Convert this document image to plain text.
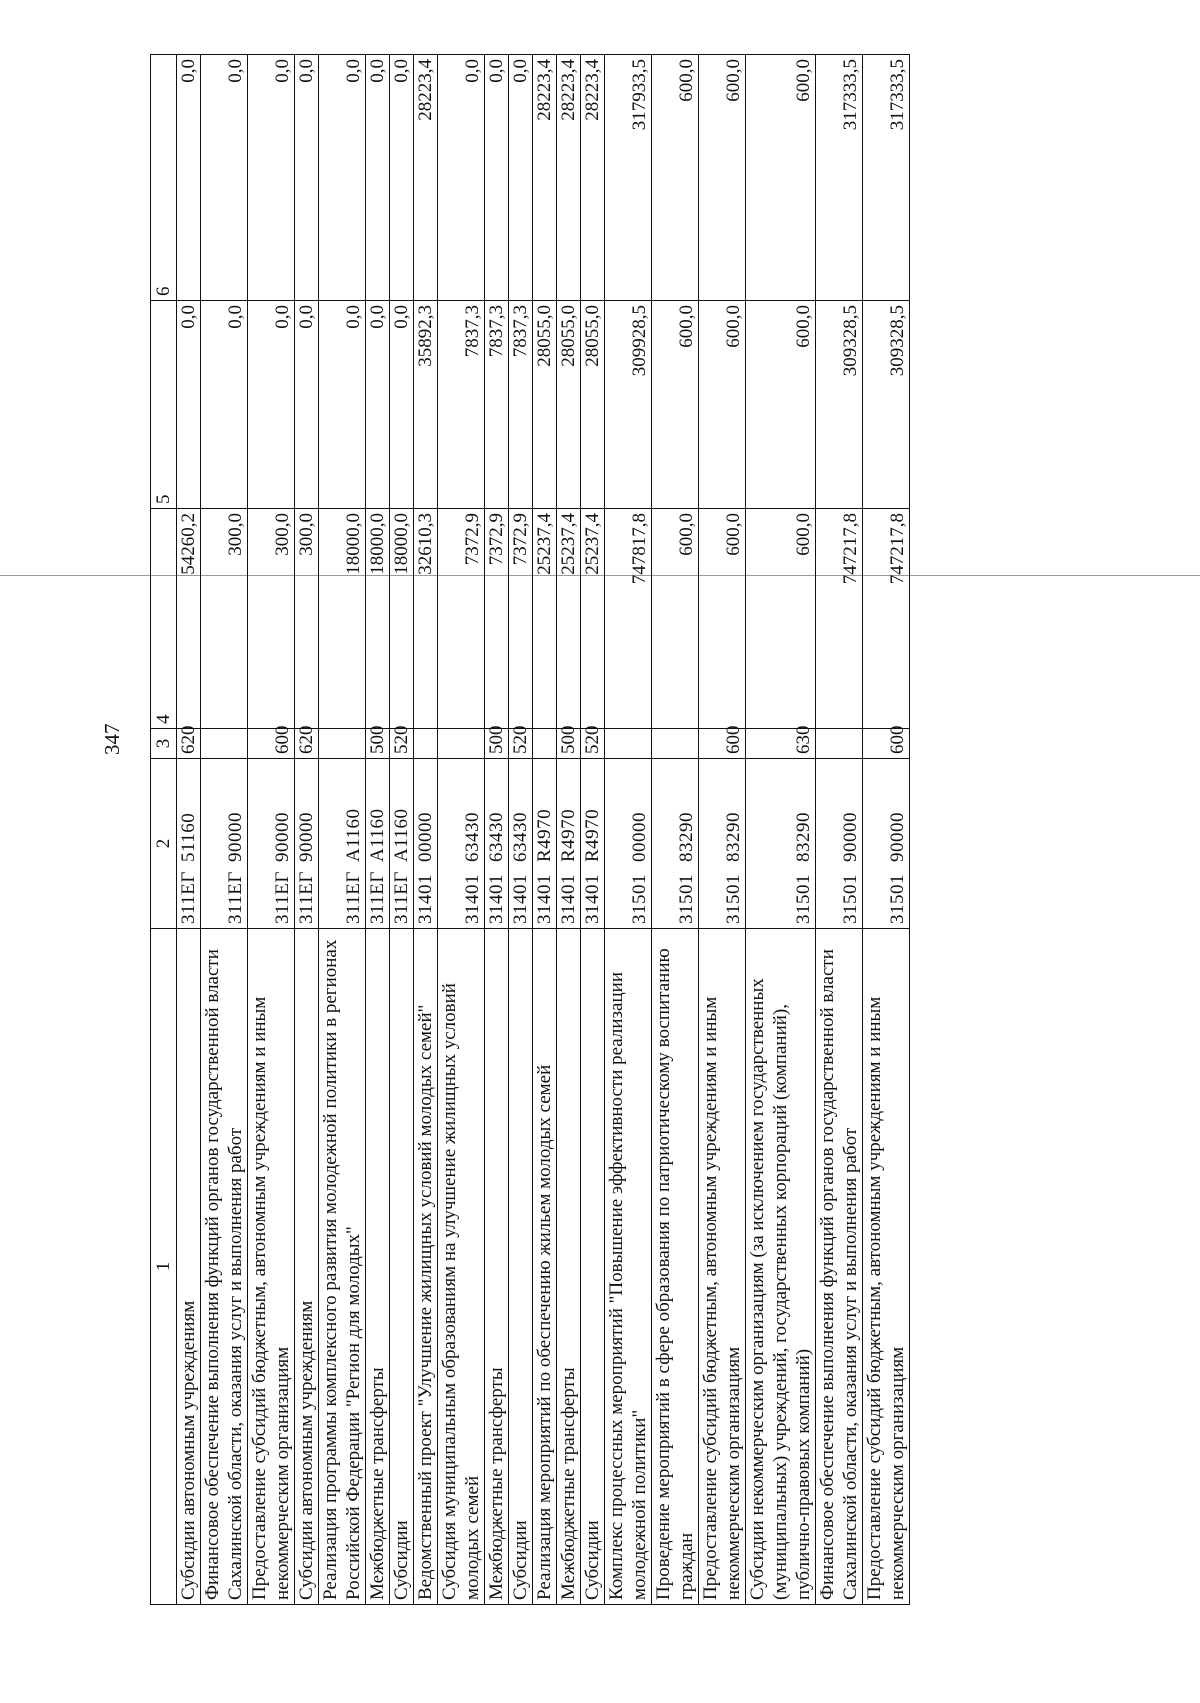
347
1	2	3	4	5	6
Субсидии автономным учреждениям	311ЕГ51160	620	54260,2	0,0	0,0
Финансовое обеспечение выполнения функций органов государственной власти Сахалинской области, оказания услуг и выполнения работ	311ЕГ90000		300,0	0,0	0,0
Предоставление субсидий бюджетным, автономным учреждениям и иным некоммерческим организациям	311ЕГ90000	600	300,0	0,0	0,0
Субсидии автономным учреждениям	311ЕГ90000	620	300,0	0,0	0,0
Реализация программы комплексного развития молодежной политики в регионах Российской Федерации "Регион для молодых"	311ЕГА1160		18000,0	0,0	0,0
Межбюджетные трансферты	311ЕГА1160	500	18000,0	0,0	0,0
Субсидии	311ЕГА1160	520	18000,0	0,0	0,0
Ведомственный проект "Улучшение жилищных условий молодых семей"	3140100000		32610,3	35892,3	28223,4
Субсидия муниципальным образованиям на улучшение жилищных условий молодых семей	3140163430		7372,9	7837,3	0,0
Межбюджетные трансферты	3140163430	500	7372,9	7837,3	0,0
Субсидии	3140163430	520	7372,9	7837,3	0,0
Реализация мероприятий по обеспечению жильем молодых семей	31401R4970		25237,4	28055,0	28223,4
Межбюджетные трансферты	31401R4970	500	25237,4	28055,0	28223,4
Субсидии	31401R4970	520	25237,4	28055,0	28223,4
Комплекс процессных мероприятий "Повышение эффективности реализации молодежной политики"	3150100000		747817,8	309928,5	317933,5
Проведение мероприятий в сфере образования по патриотическому воспитанию граждан	3150183290		600,0	600,0	600,0
Предоставление субсидий бюджетным, автономным учреждениям и иным некоммерческим организациям	3150183290	600	600,0	600,0	600,0
Субсидии некоммерческим организациям (за исключением государственных (муниципальных) учреждений, государственных корпораций (компаний), публично-правовых компаний)	3150183290	630	600,0	600,0	600,0
Финансовое обеспечение выполнения функций органов государственной власти Сахалинской области, оказания услуг и выполнения работ	3150190000		747217,8	309328,5	317333,5
Предоставление субсидий бюджетным, автономным учреждениям и иным некоммерческим организациям	3150190000	600	747217,8	309328,5	317333,5
